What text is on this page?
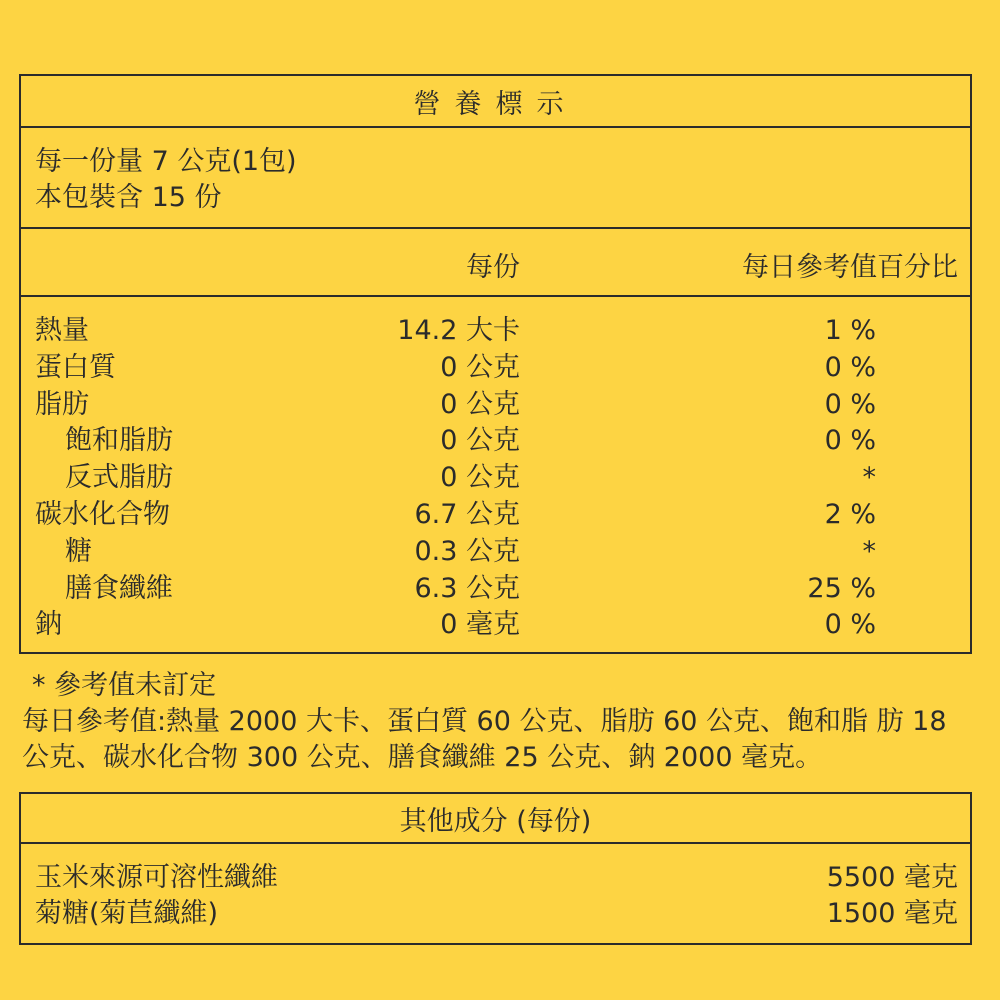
營養標示
每一份量 7 公克(1包)
本包裝含 15 份
每份	每日參考值百分比
熱量	14.2 大卡	1 %
蛋白質	0 公克	0 %
脂肪	0 公克	0 %
飽和脂肪	0 公克	0 %
反式脂肪	0 公克	*
碳水化合物	6.7 公克	2 %
糖	0.3 公克	*
膳食纖維	6.3 公克	25 %
鈉	0 毫克	0 %
* 參考值未訂定
每日參考值:熱量 2000 大卡、蛋白質 60 公克、脂肪 60 公克、飽和脂 肪 18
公克、碳水化合物 300 公克、膳食纖維 25 公克、鈉 2000 毫克。
其他成分 (每份)
玉米來源可溶性纖維	5500 毫克
菊糖(菊苣纖維)	1500 毫克
